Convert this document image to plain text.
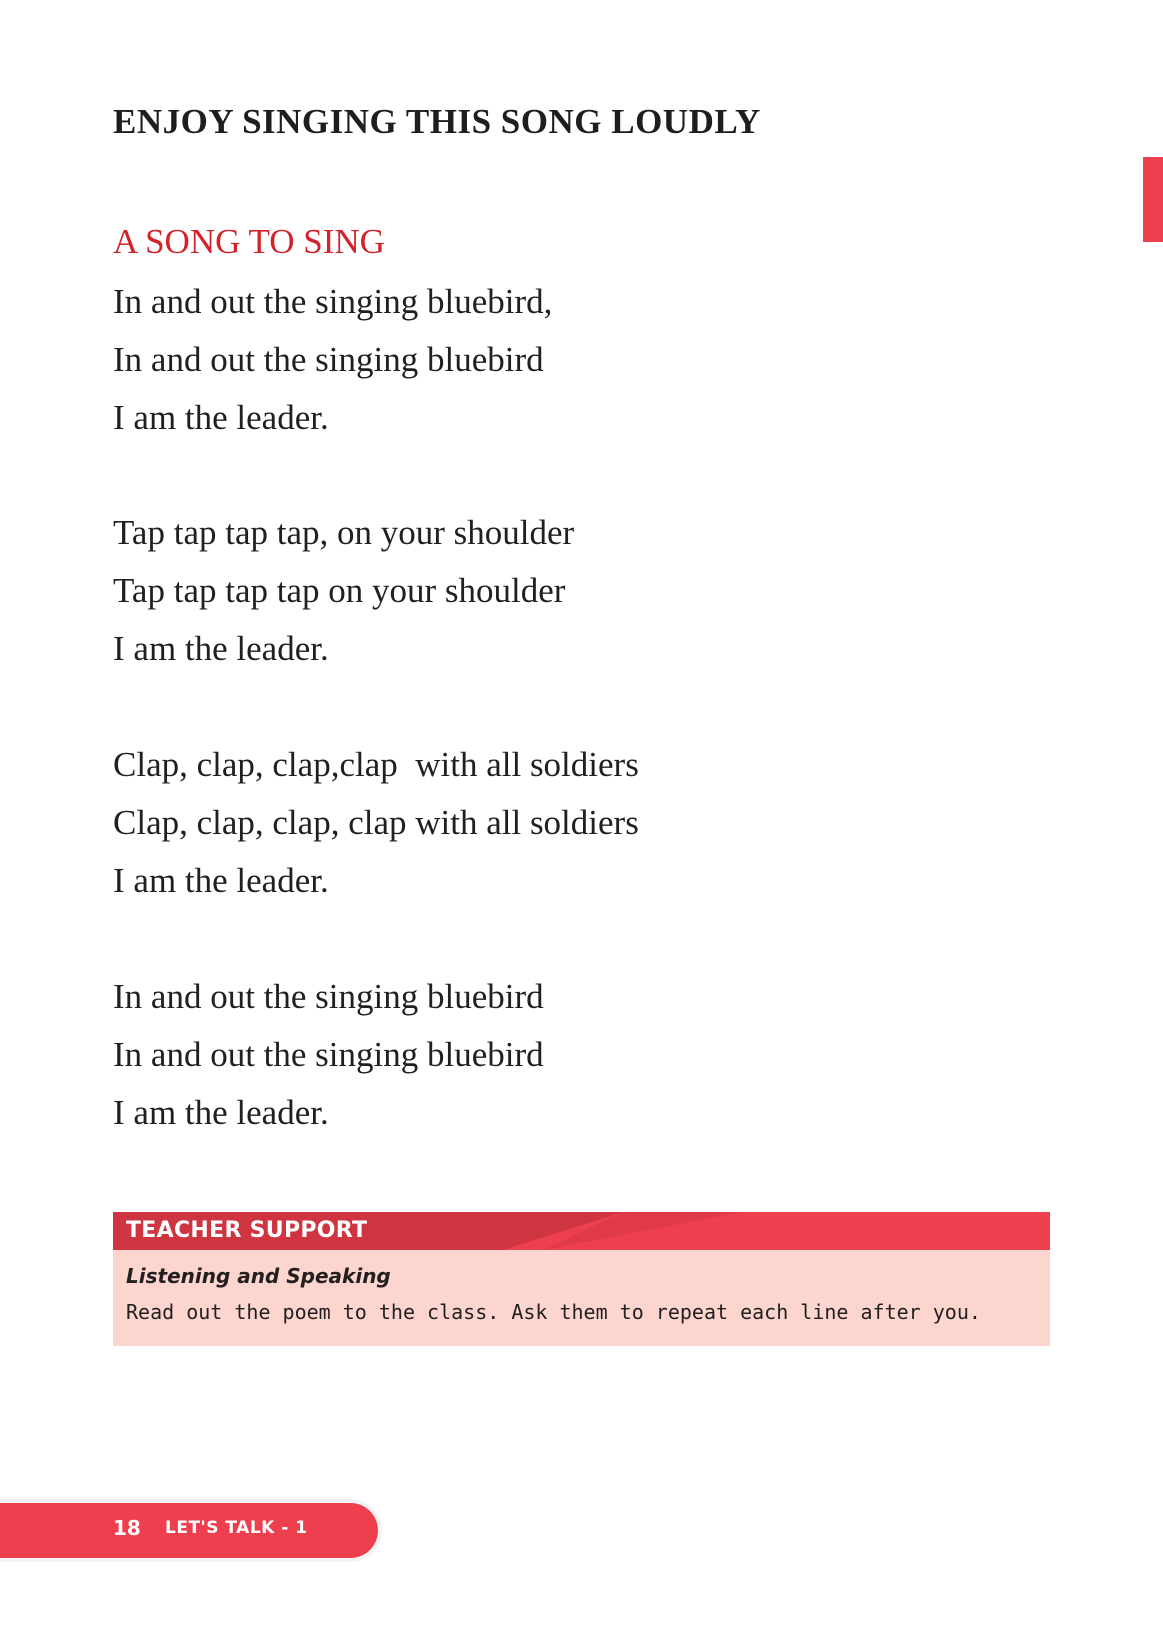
ENJOY SINGING THIS SONG LOUDLY
A SONG TO SING
In and out the singing bluebird,
In and out the singing bluebird
I am the leader.
Tap tap tap tap, on your shoulder
Tap tap tap tap on your shoulder
I am the leader.
Clap, clap, clap,clap  with all soldiers
Clap, clap, clap, clap with all soldiers
I am the leader.
In and out the singing bluebird
In and out the singing bluebird
I am the leader.
TEACHER SUPPORT
Listening and Speaking
Read out the poem to the class. Ask them to repeat each line after you.
18 LET'S TALK - 1
